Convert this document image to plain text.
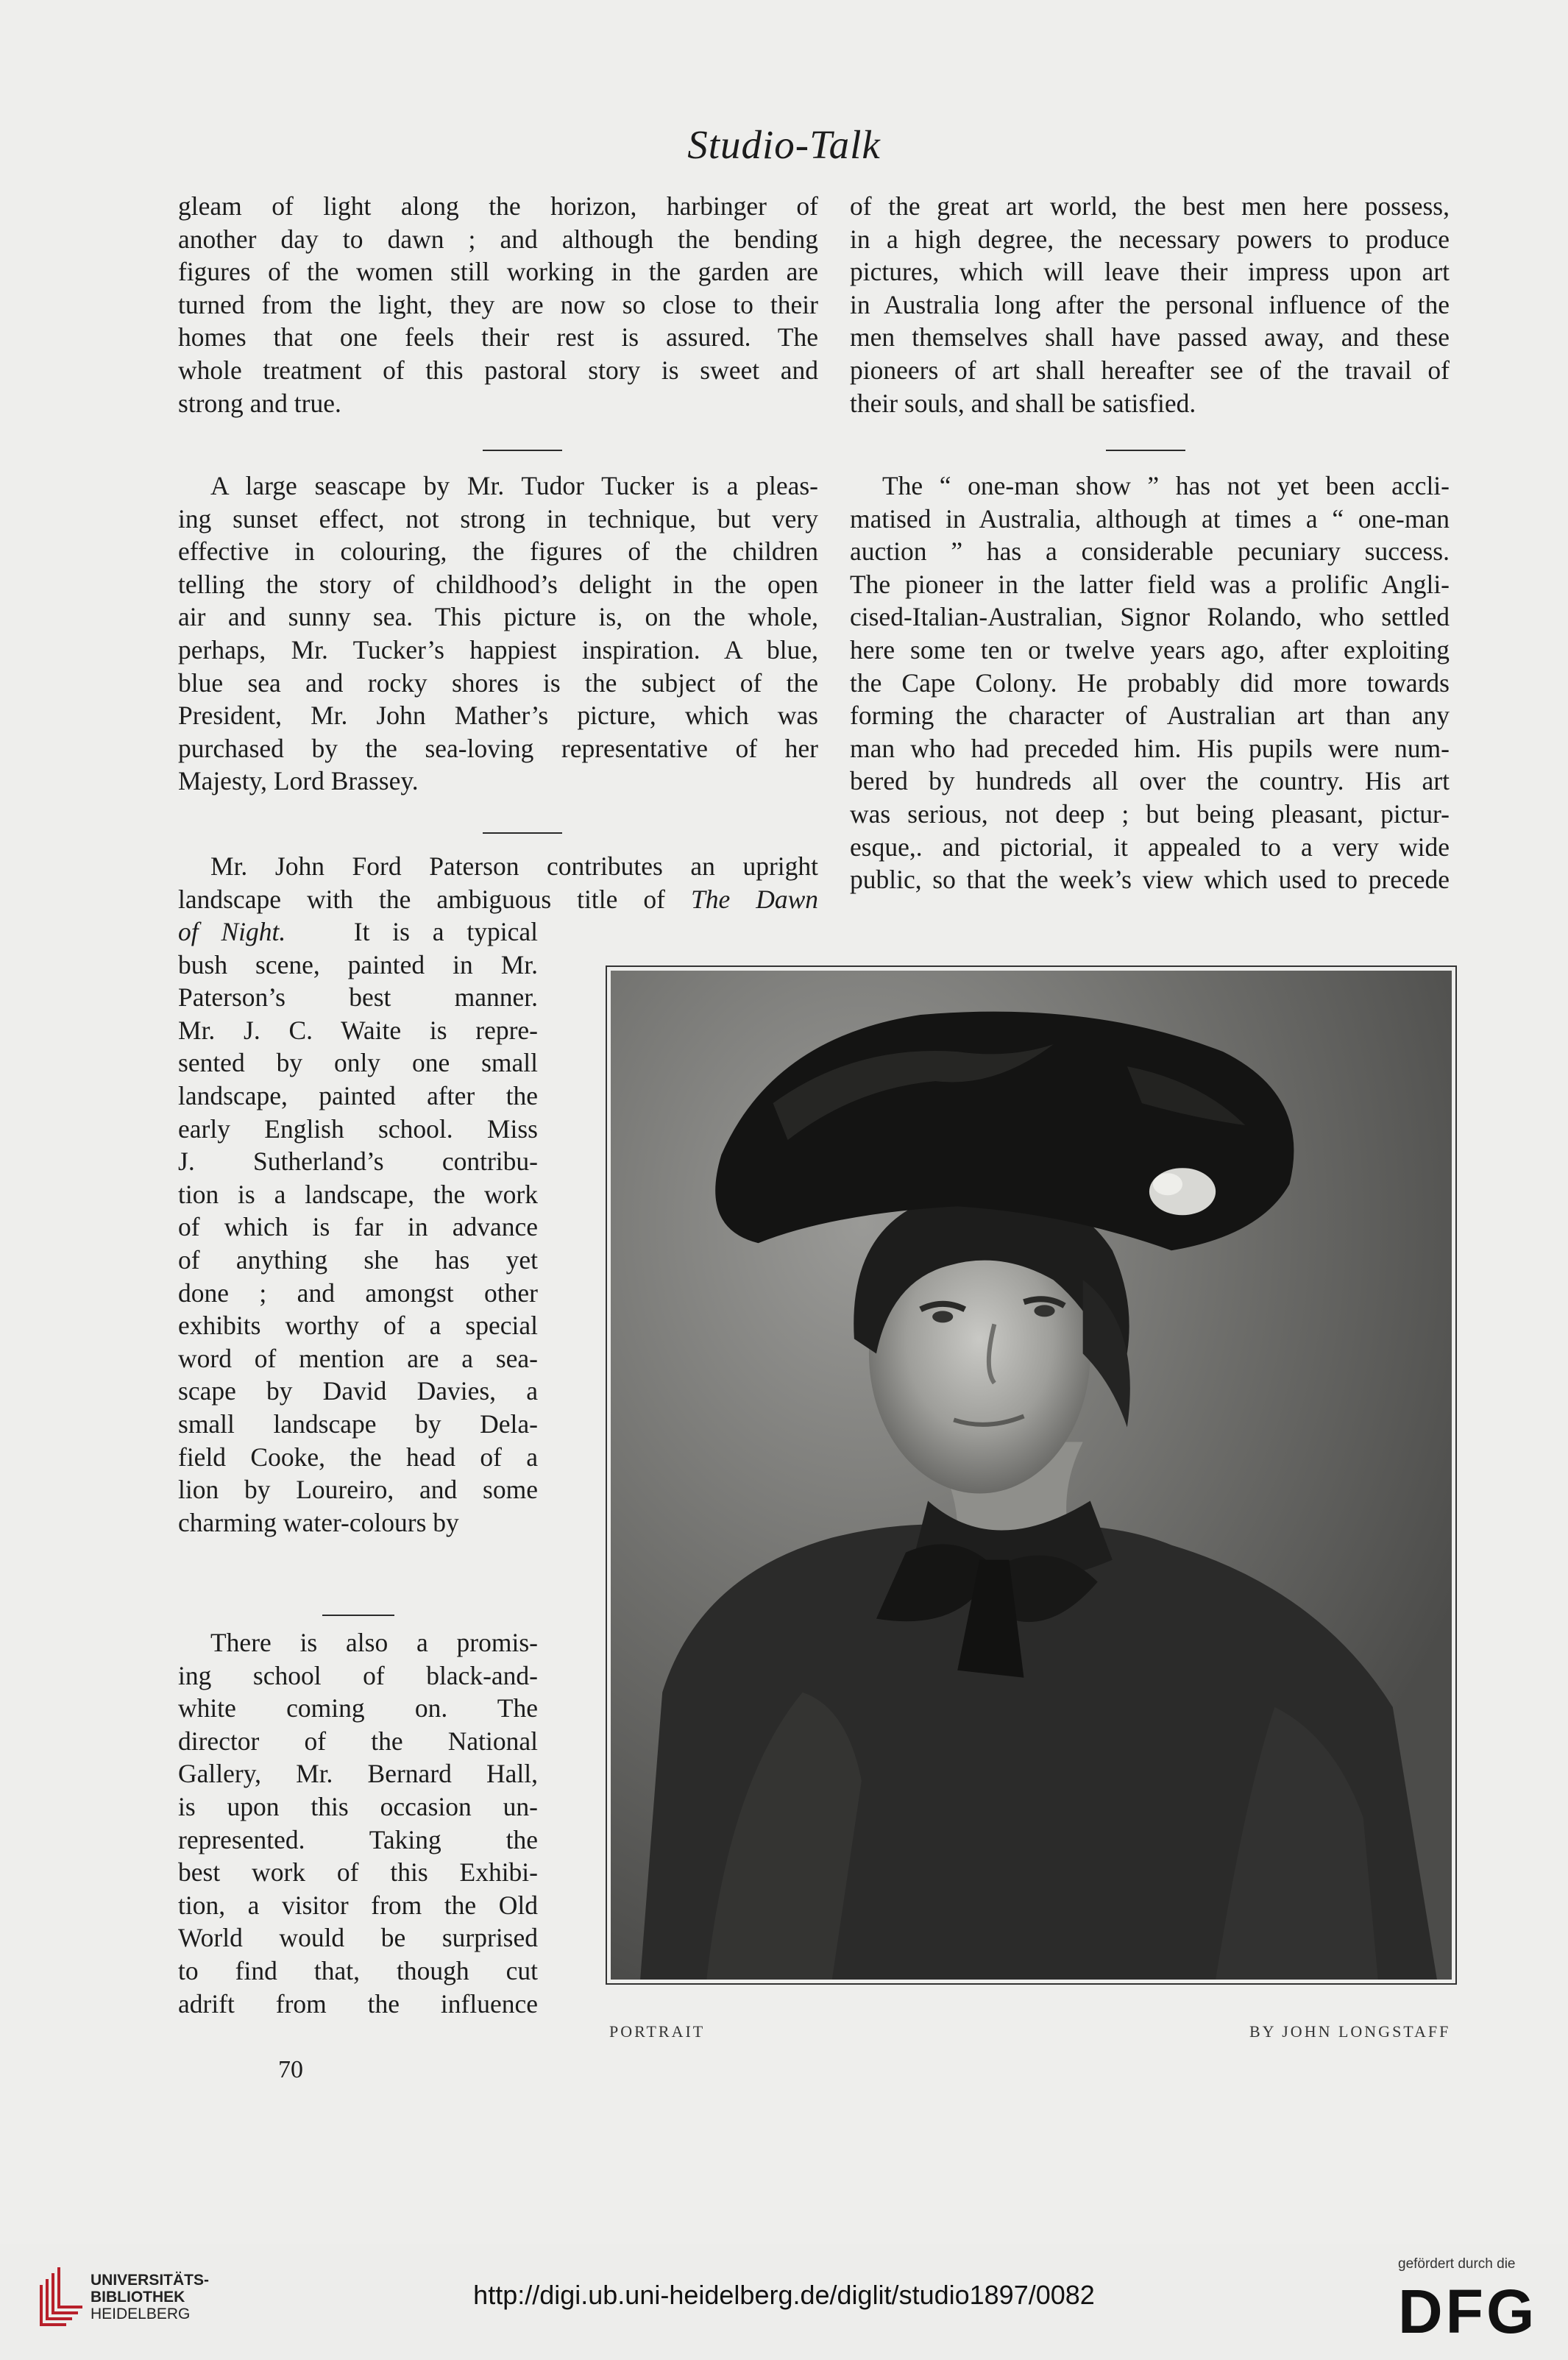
Studio-Talk
gleam of light along the horizon, harbinger of
another day to dawn ; and although the bending
figures of the women still working in the garden are
turned from the light, they are now so close to their
homes that one feels their rest is assured. The
whole treatment of this pastoral story is sweet and
strong and true.
A large seascape by Mr. Tudor Tucker is a pleas-
ing sunset effect, not strong in technique, but very
effective in colouring, the figures of the children
telling the story of childhood’s delight in the open
air and sunny sea. This picture is, on the whole,
perhaps, Mr. Tucker’s happiest inspiration. A blue,
blue sea and rocky shores is the subject of the
President, Mr. John Mather’s picture, which was
purchased by the sea-loving representative of her
Majesty, Lord Brassey.
Mr. John Ford Paterson contributes an upright
landscape with the ambiguous title of The Dawn
of Night.	It is a typical
bush scene, painted in Mr.
Paterson’s best manner.
Mr. J. C. Waite is repre-
sented by only one small
landscape, painted after the
early English school. Miss
J. Sutherland’s contribu-
tion is a landscape, the work
of which is far in advance
of anything she has yet
done ; and amongst other
exhibits worthy of a special
word of mention are a sea-
scape by David Davies, a
small landscape by Dela-
field Cooke, the head of a
lion by Loureiro, and some
charming water-colours by
There is also a promis-
ing school of black-and-
white coming on. The
director of the National
Gallery, Mr. Bernard Hall,
is upon this occasion un-
represented. Taking the
best work of this Exhibi-
tion, a visitor from the Old
World would be surprised
to find that, though cut
adrift from the influence
of the great art world, the best men here possess,
in a high degree, the necessary powers to produce
pictures, which will leave their impress upon art
in Australia long after the personal influence of the
men themselves shall have passed away, and these
pioneers of art shall hereafter see of the travail of
their souls, and shall be satisfied.
The “ one-man show ” has not yet been accli-
matised in Australia, although at times a “ one-man
auction ” has a considerable pecuniary success.
The pioneer in the latter field was a prolific Angli-
cised-Italian-Australian, Signor Rolando, who settled
here some ten or twelve years ago, after exploiting
the Cape Colony. He probably did more towards
forming the character of Australian art than any
man who had preceded him. His pupils were num-
bered by hundreds all over the country. His art
was serious, not deep ; but being pleasant, pictur-
esque,. and pictorial, it appealed to a very wide
public, so that the week’s view which used to precede
PORTRAIT	BY JOHN LONGSTAFF
70
UNIVERSITÄTS-
BIBLIOTHEK
HEIDELBERG
http://digi.ub.uni-heidelberg.de/diglit/studio1897/0082
gefördert durch die
DFG
